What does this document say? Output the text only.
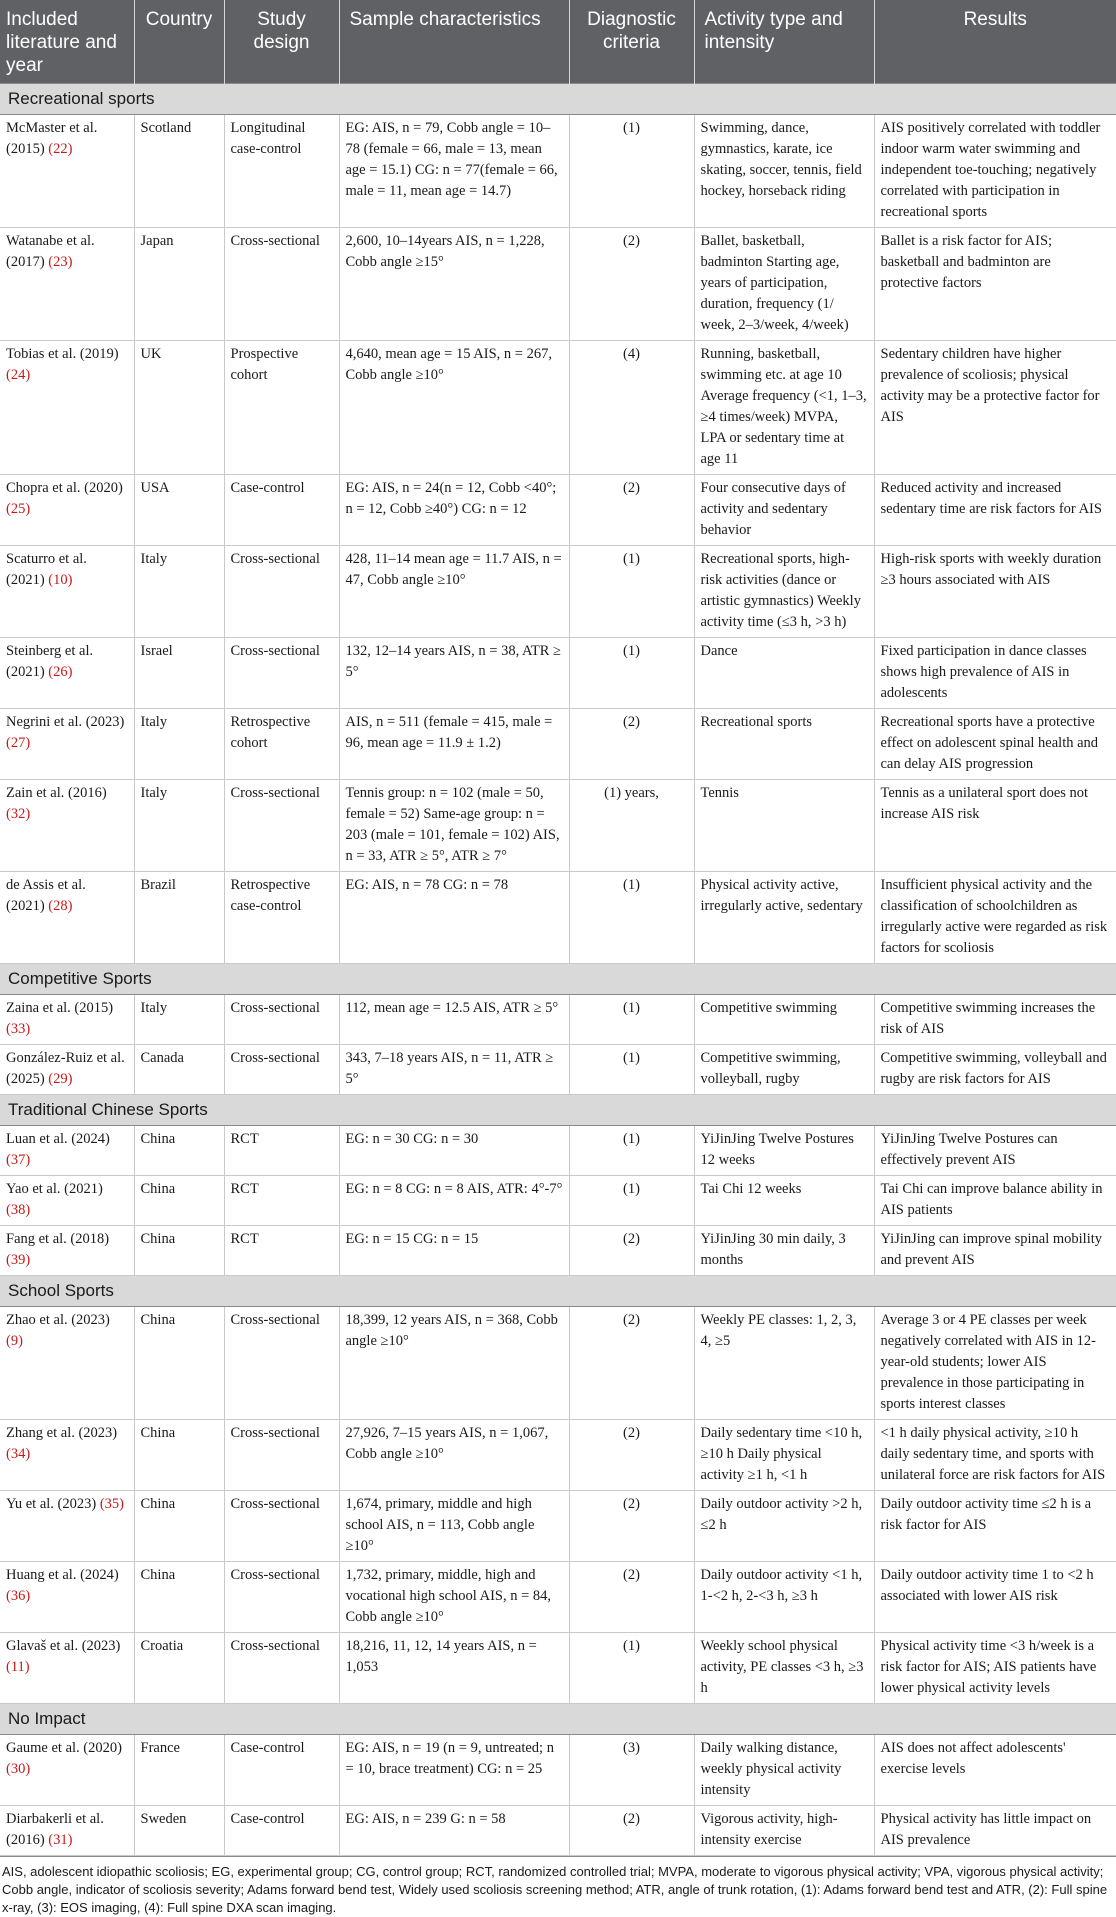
Included literature and year	Country	Study design	Sample characteristics	Diagnostic criteria	Activity type and intensity	Results
Recreational sports						
McMaster et al. (2015) (22)	Scotland	Longitudinal case-control	EG: AIS, n = 79, Cobb angle = 10–78 (female = 66, male = 13, mean age = 15.1) CG: n = 77(female = 66, male = 11, mean age = 14.7)	(1)	Swimming, dance, gymnastics, karate, ice skating, soccer, tennis, field hockey, horseback riding	AIS positively correlated with toddler indoor warm water swimming and independent toe-touching; negatively correlated with participation in recreational sports
Watanabe et al. (2017) (23)	Japan	Cross-sectional	2,600, 10–14years AIS, n = 1,228, Cobb angle ≥15°	(2)	Ballet, basketball, badminton Starting age, years of participation, duration, frequency (1/ week, 2–3/week, 4/week)	Ballet is a risk factor for AIS; basketball and badminton are protective factors
Tobias et al. (2019) (24)	UK	Prospective cohort	4,640, mean age = 15 AIS, n = 267, Cobb angle ≥10°	(4)	Running, basketball, swimming etc. at age 10 Average frequency (<1, 1–3, ≥4 times/week) MVPA, LPA or sedentary time at age 11	Sedentary children have higher prevalence of scoliosis; physical activity may be a protective factor for AIS
Chopra et al. (2020) (25)	USA	Case-control	EG: AIS, n = 24(n = 12, Cobb <40°; n = 12, Cobb ≥40°) CG: n = 12	(2)	Four consecutive days of activity and sedentary behavior	Reduced activity and increased sedentary time are risk factors for AIS
Scaturro et al. (2021) (10)	Italy	Cross-sectional	428, 11–14 mean age = 11.7 AIS, n = 47, Cobb angle ≥10°	(1)	Recreational sports, high-risk activities (dance or artistic gymnastics) Weekly activity time (≤3 h, >3 h)	High-risk sports with weekly duration ≥3 hours associated with AIS
Steinberg et al. (2021) (26)	Israel	Cross-sectional	132, 12–14 years AIS, n = 38, ATR ≥ 5°	(1)	Dance	Fixed participation in dance classes shows high prevalence of AIS in adolescents
Negrini et al. (2023) (27)	Italy	Retrospective cohort	AIS, n = 511 (female = 415, male = 96, mean age = 11.9 ± 1.2)	(2)	Recreational sports	Recreational sports have a protective effect on adolescent spinal health and can delay AIS progression
Zain et al. (2016) (32)	Italy	Cross-sectional	Tennis group: n = 102 (male = 50, female = 52) Same-age group: n = 203 (male = 101, female = 102) AIS, n = 33, ATR ≥ 5°, ATR ≥ 7°	(1) years,	Tennis	Tennis as a unilateral sport does not increase AIS risk
de Assis et al. (2021) (28)	Brazil	Retrospective case-control	EG: AIS, n = 78 CG: n = 78	(1)	Physical activity active, irregularly active, sedentary	Insufficient physical activity and the classification of schoolchildren as irregularly active were regarded as risk factors for scoliosis
Competitive Sports						
Zaina et al. (2015) (33)	Italy	Cross-sectional	112, mean age = 12.5 AIS, ATR ≥ 5°	(1)	Competitive swimming	Competitive swimming increases the risk of AIS
González-Ruiz et al. (2025) (29)	Canada	Cross-sectional	343, 7–18 years AIS, n = 11, ATR ≥ 5°	(1)	Competitive swimming, volleyball, rugby	Competitive swimming, volleyball and rugby are risk factors for AIS
Traditional Chinese Sports						
Luan et al. (2024) (37)	China	RCT	EG: n = 30 CG: n = 30	(1)	YiJinJing Twelve Postures 12 weeks	YiJinJing Twelve Postures can effectively prevent AIS
Yao et al. (2021) (38)	China	RCT	EG: n = 8 CG: n = 8 AIS, ATR: 4°-7°	(1)	Tai Chi 12 weeks	Tai Chi can improve balance ability in AIS patients
Fang et al. (2018) (39)	China	RCT	EG: n = 15 CG: n = 15	(2)	YiJinJing 30 min daily, 3 months	YiJinJing can improve spinal mobility and prevent AIS
School Sports						
Zhao et al. (2023) (9)	China	Cross-sectional	18,399, 12 years AIS, n = 368, Cobb angle ≥10°	(2)	Weekly PE classes: 1, 2, 3, 4, ≥5	Average 3 or 4 PE classes per week negatively correlated with AIS in 12-year-old students; lower AIS prevalence in those participating in sports interest classes
Zhang et al. (2023) (34)	China	Cross-sectional	27,926, 7–15 years AIS, n = 1,067, Cobb angle ≥10°	(2)	Daily sedentary time <10 h, ≥10 h Daily physical activity ≥1 h, <1 h	<1 h daily physical activity, ≥10 h daily sedentary time, and sports with unilateral force are risk factors for AIS
Yu et al. (2023) (35)	China	Cross-sectional	1,674, primary, middle and high school AIS, n = 113, Cobb angle ≥10°	(2)	Daily outdoor activity >2 h, ≤2 h	Daily outdoor activity time ≤2 h is a risk factor for AIS
Huang et al. (2024) (36)	China	Cross-sectional	1,732, primary, middle, high and vocational high school AIS, n = 84, Cobb angle ≥10°	(2)	Daily outdoor activity <1 h, 1-<2 h, 2-<3 h, ≥3 h	Daily outdoor activity time 1 to <2 h associated with lower AIS risk
Glavaš et al. (2023) (11)	Croatia	Cross-sectional	18,216, 11, 12, 14 years AIS, n = 1,053	(1)	Weekly school physical activity, PE classes <3 h, ≥3 h	Physical activity time <3 h/week is a risk factor for AIS; AIS patients have lower physical activity levels
No Impact						
Gaume et al. (2020) (30)	France	Case-control	EG: AIS, n = 19 (n = 9, untreated; n = 10, brace treatment) CG: n = 25	(3)	Daily walking distance, weekly physical activity intensity	AIS does not affect adolescents' exercise levels
Diarbakerli et al. (2016) (31)	Sweden	Case-control	EG: AIS, n = 239 G: n = 58	(2)	Vigorous activity, high-intensity exercise	Physical activity has little impact on AIS prevalence
AIS, adolescent idiopathic scoliosis; EG, experimental group; CG, control group; RCT, randomized controlled trial; MVPA, moderate to vigorous physical activity; VPA, vigorous physical activity; Cobb angle, indicator of scoliosis severity; Adams forward bend test, Widely used scoliosis screening method; ATR, angle of trunk rotation, (1): Adams forward bend test and ATR, (2): Full spine x-ray, (3): EOS imaging, (4): Full spine DXA scan imaging.
